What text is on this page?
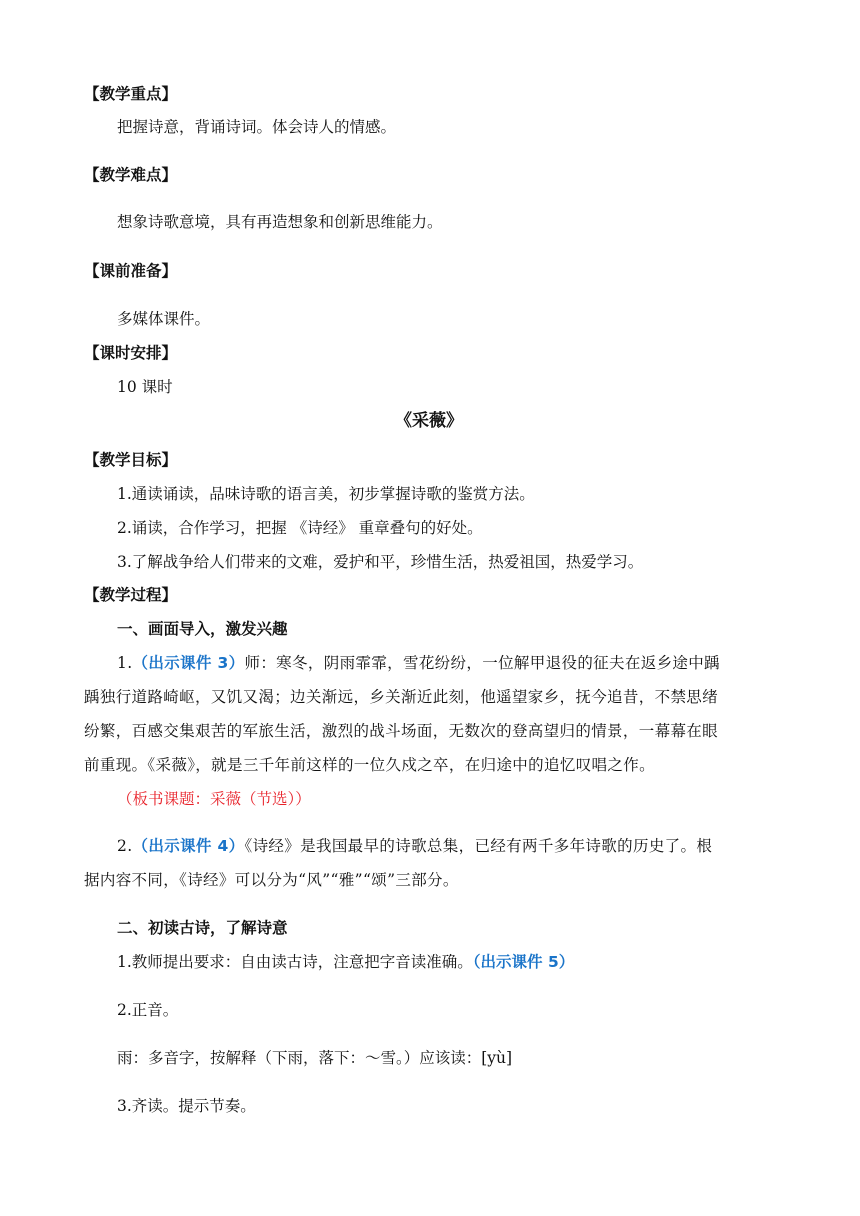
【教学重点】
把握诗意，背诵诗词。体会诗人的情感。
【教学难点】
想象诗歌意境，具有再造想象和创新思维能力。
【课前准备】
多媒体课件。
【课时安排】
10 课时
《采薇》
【教学目标】
1.通读诵读，品味诗歌的语言美，初步掌握诗歌的鉴赏方法。
2.诵读，合作学习，把握 《诗经》 重章叠句的好处。
3.了解战争给人们带来的文难，爱护和平，珍惜生活，热爱祖国，热爱学习。
【教学过程】
一、画面导入，激发兴趣
1.（出示课件 3）师：寒冬，阴雨霏霏，雪花纷纷，一位解甲退役的征夫在返乡途中踽
踽独行道路崎岖，又饥又渴；边关渐远，乡关渐近此刻，他遥望家乡，抚今追昔，不禁思绪
纷繁，百感交集艰苦的军旅生活，激烈的战斗场面，无数次的登高望归的情景，一幕幕在眼
前重现。《采薇》，就是三千年前这样的一位久戍之卒，在归途中的追忆叹唱之作。
（板书课题：采薇（节选））
2.（出示课件 4）《诗经》是我国最早的诗歌总集，已经有两千多年诗歌的历史了。根
据内容不同，《诗经》可以分为“风”“雅”“颂”三部分。
二、初读古诗，了解诗意
1.教师提出要求：自由读古诗，注意把字音读准确。（出示课件 5）
2.正音。
雨：多音字，按解释（下雨，落下：～雪。）应该读：[yù]
3.齐读。提示节奏。
